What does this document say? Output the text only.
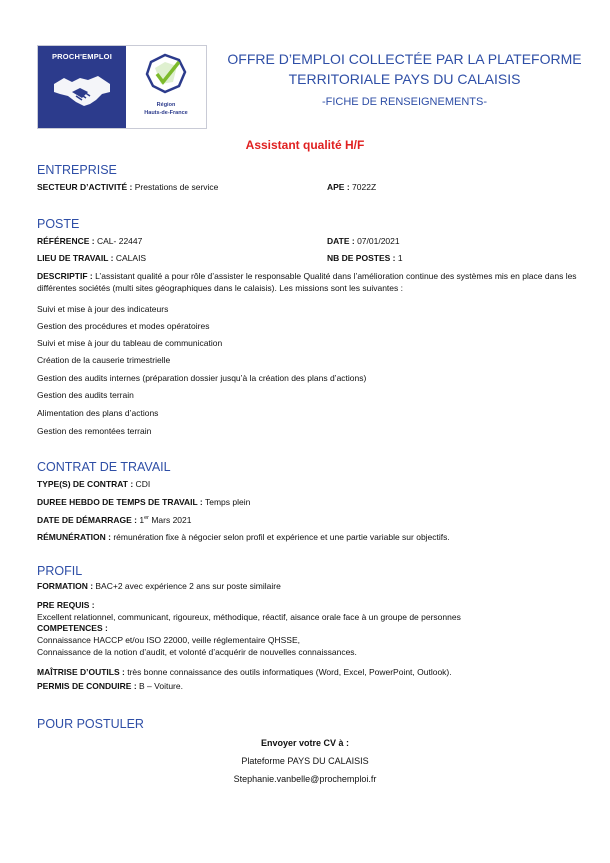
PROCH'EMPLOI
Région
Hauts-de-France
OFFRE D’EMPLOI COLLECTÉE PAR LA PLATEFORME
TERRITORIALE PAYS DU CALAISIS
-FICHE DE RENSEIGNEMENTS-
Assistant qualité H/F
ENTREPRISE
SECTEUR D’ACTIVITÉ : Prestations de service	APE : 7022Z
POSTE
RÉFÉRENCE : CAL- 22447	DATE : 07/01/2021
LIEU DE TRAVAIL : CALAIS	NB DE POSTES : 1
DESCRIPTIF : L’assistant qualité a pour rôle d’assister le responsable Qualité dans l’amélioration continue des systèmes mis en place dans les différentes sociétés (multi sites géographiques dans le calaisis). Les missions sont les suivantes :
Suivi et mise à jour des indicateurs
Gestion des procédures et modes opératoires
Suivi et mise à jour du tableau de communication
Création de la causerie trimestrielle
Gestion des audits internes (préparation dossier jusqu’à la création des plans d’actions)
Gestion des audits terrain
Alimentation des plans d’actions
Gestion des remontées terrain
CONTRAT DE TRAVAIL
TYPE(S) DE CONTRAT : CDI
DUREE HEBDO DE TEMPS DE TRAVAIL : Temps plein
DATE DE DÉMARRAGE : 1er Mars 2021
RÉMUNÉRATION : rémunération fixe à négocier selon profil et expérience et une partie variable sur objectifs.
PROFIL
FORMATION : BAC+2 avec expérience 2 ans sur poste similaire
PRE REQUIS :
Excellent relationnel, communicant, rigoureux, méthodique, réactif, aisance orale face à un groupe de personnes
COMPETENCES :
Connaissance HACCP et/ou ISO 22000, veille réglementaire QHSSE,
Connaissance de la notion d’audit, et volonté d’acquérir de nouvelles connaissances.
MAÎTRISE D’OUTILS : très bonne connaissance des outils informatiques (Word, Excel, PowerPoint, Outlook).
PERMIS DE CONDUIRE : B – Voiture.
POUR POSTULER
Envoyer votre CV à :
Plateforme PAYS DU CALAISIS
Stephanie.vanbelle@prochemploi.fr
